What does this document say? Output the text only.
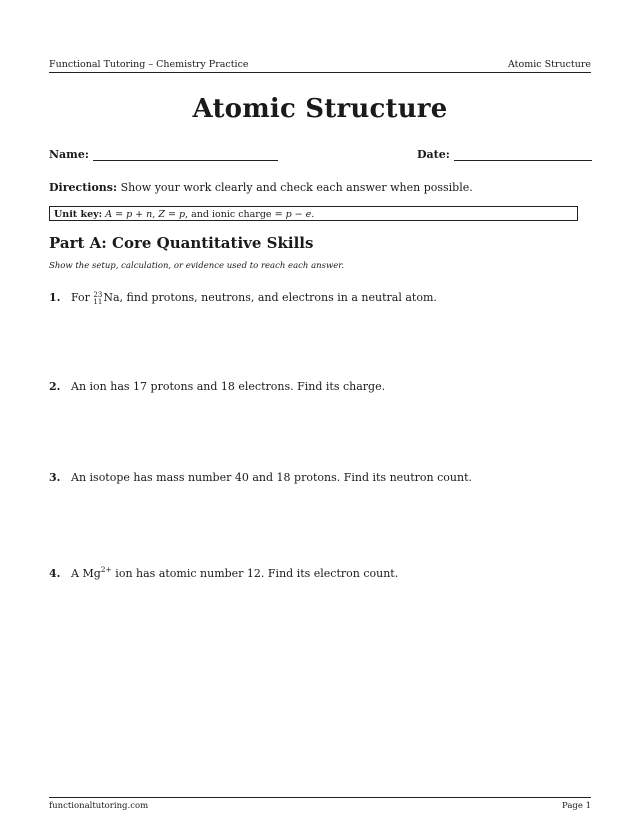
Functional Tutoring – Chemistry Practice	Atomic Structure
Atomic Structure
Name:	Date:
Directions: Show your work clearly and check each answer when possible.
Unit key: A = p + n, Z = p, and ionic charge = p − e.
Part A: Core Quantitative Skills
Show the setup, calculation, or evidence used to reach each answer.
1. For 23
11 Na, find protons, neutrons, and electrons in a neutral atom.
2. An ion has 17 protons and 18 electrons. Find its charge.
3. An isotope has mass number 40 and 18 protons. Find its neutron count.
4. A $Mg^{2+}$ ion has atomic number 12. Find its electron count.
functionaltutoring.com	Page 1
